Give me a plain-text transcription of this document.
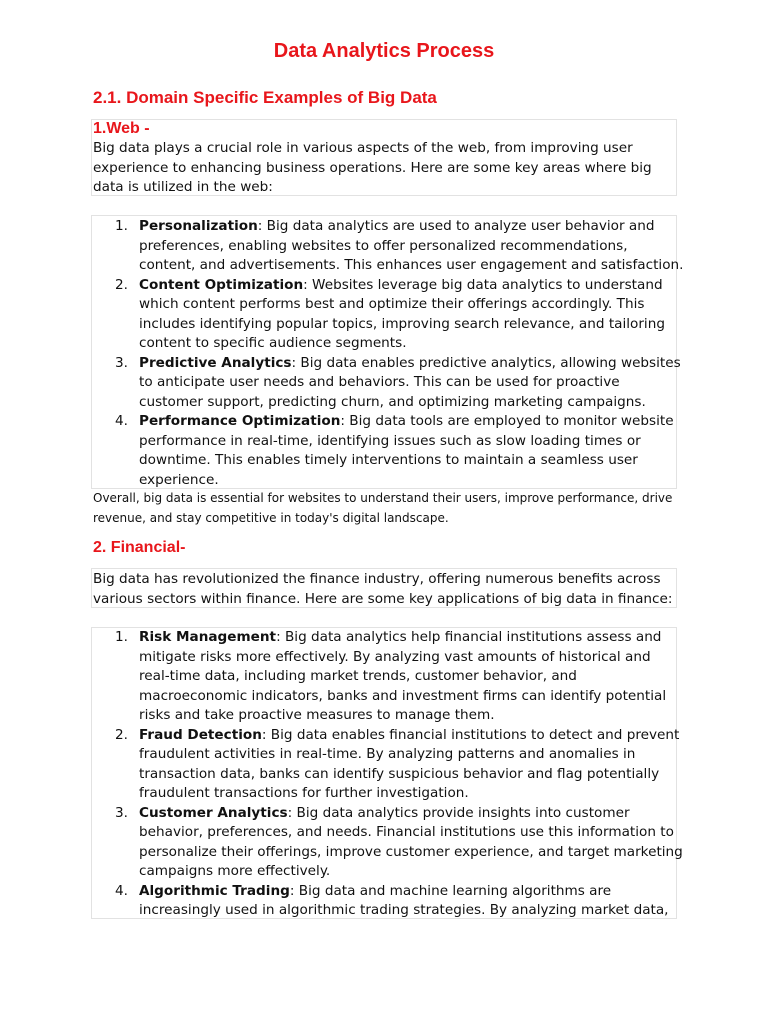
Data Analytics Process
2.1. Domain Specific Examples of Big Data
1.Web -
Big data plays a crucial role in various aspects of the web, from improving user experience to enhancing business operations. Here are some key areas where big data is utilized in the web:
1. Personalization: Big data analytics are used to analyze user behavior and preferences, enabling websites to offer personalized recommendations, content, and advertisements. This enhances user engagement and satisfaction.
2. Content Optimization: Websites leverage big data analytics to understand which content performs best and optimize their offerings accordingly. This includes identifying popular topics, improving search relevance, and tailoring content to specific audience segments.
3. Predictive Analytics: Big data enables predictive analytics, allowing websites to anticipate user needs and behaviors. This can be used for proactive customer support, predicting churn, and optimizing marketing campaigns.
4. Performance Optimization: Big data tools are employed to monitor website performance in real-time, identifying issues such as slow loading times or downtime. This enables timely interventions to maintain a seamless user experience.
Overall, big data is essential for websites to understand their users, improve performance, drive revenue, and stay competitive in today's digital landscape.
2. Financial-
Big data has revolutionized the finance industry, offering numerous benefits across various sectors within finance. Here are some key applications of big data in finance:
1. Risk Management: Big data analytics help financial institutions assess and mitigate risks more effectively. By analyzing vast amounts of historical and real-time data, including market trends, customer behavior, and macroeconomic indicators, banks and investment firms can identify potential risks and take proactive measures to manage them.
2. Fraud Detection: Big data enables financial institutions to detect and prevent fraudulent activities in real-time. By analyzing patterns and anomalies in transaction data, banks can identify suspicious behavior and flag potentially fraudulent transactions for further investigation.
3. Customer Analytics: Big data analytics provide insights into customer behavior, preferences, and needs. Financial institutions use this information to personalize their offerings, improve customer experience, and target marketing campaigns more effectively.
4. Algorithmic Trading: Big data and machine learning algorithms are increasingly used in algorithmic trading strategies. By analyzing market data,
